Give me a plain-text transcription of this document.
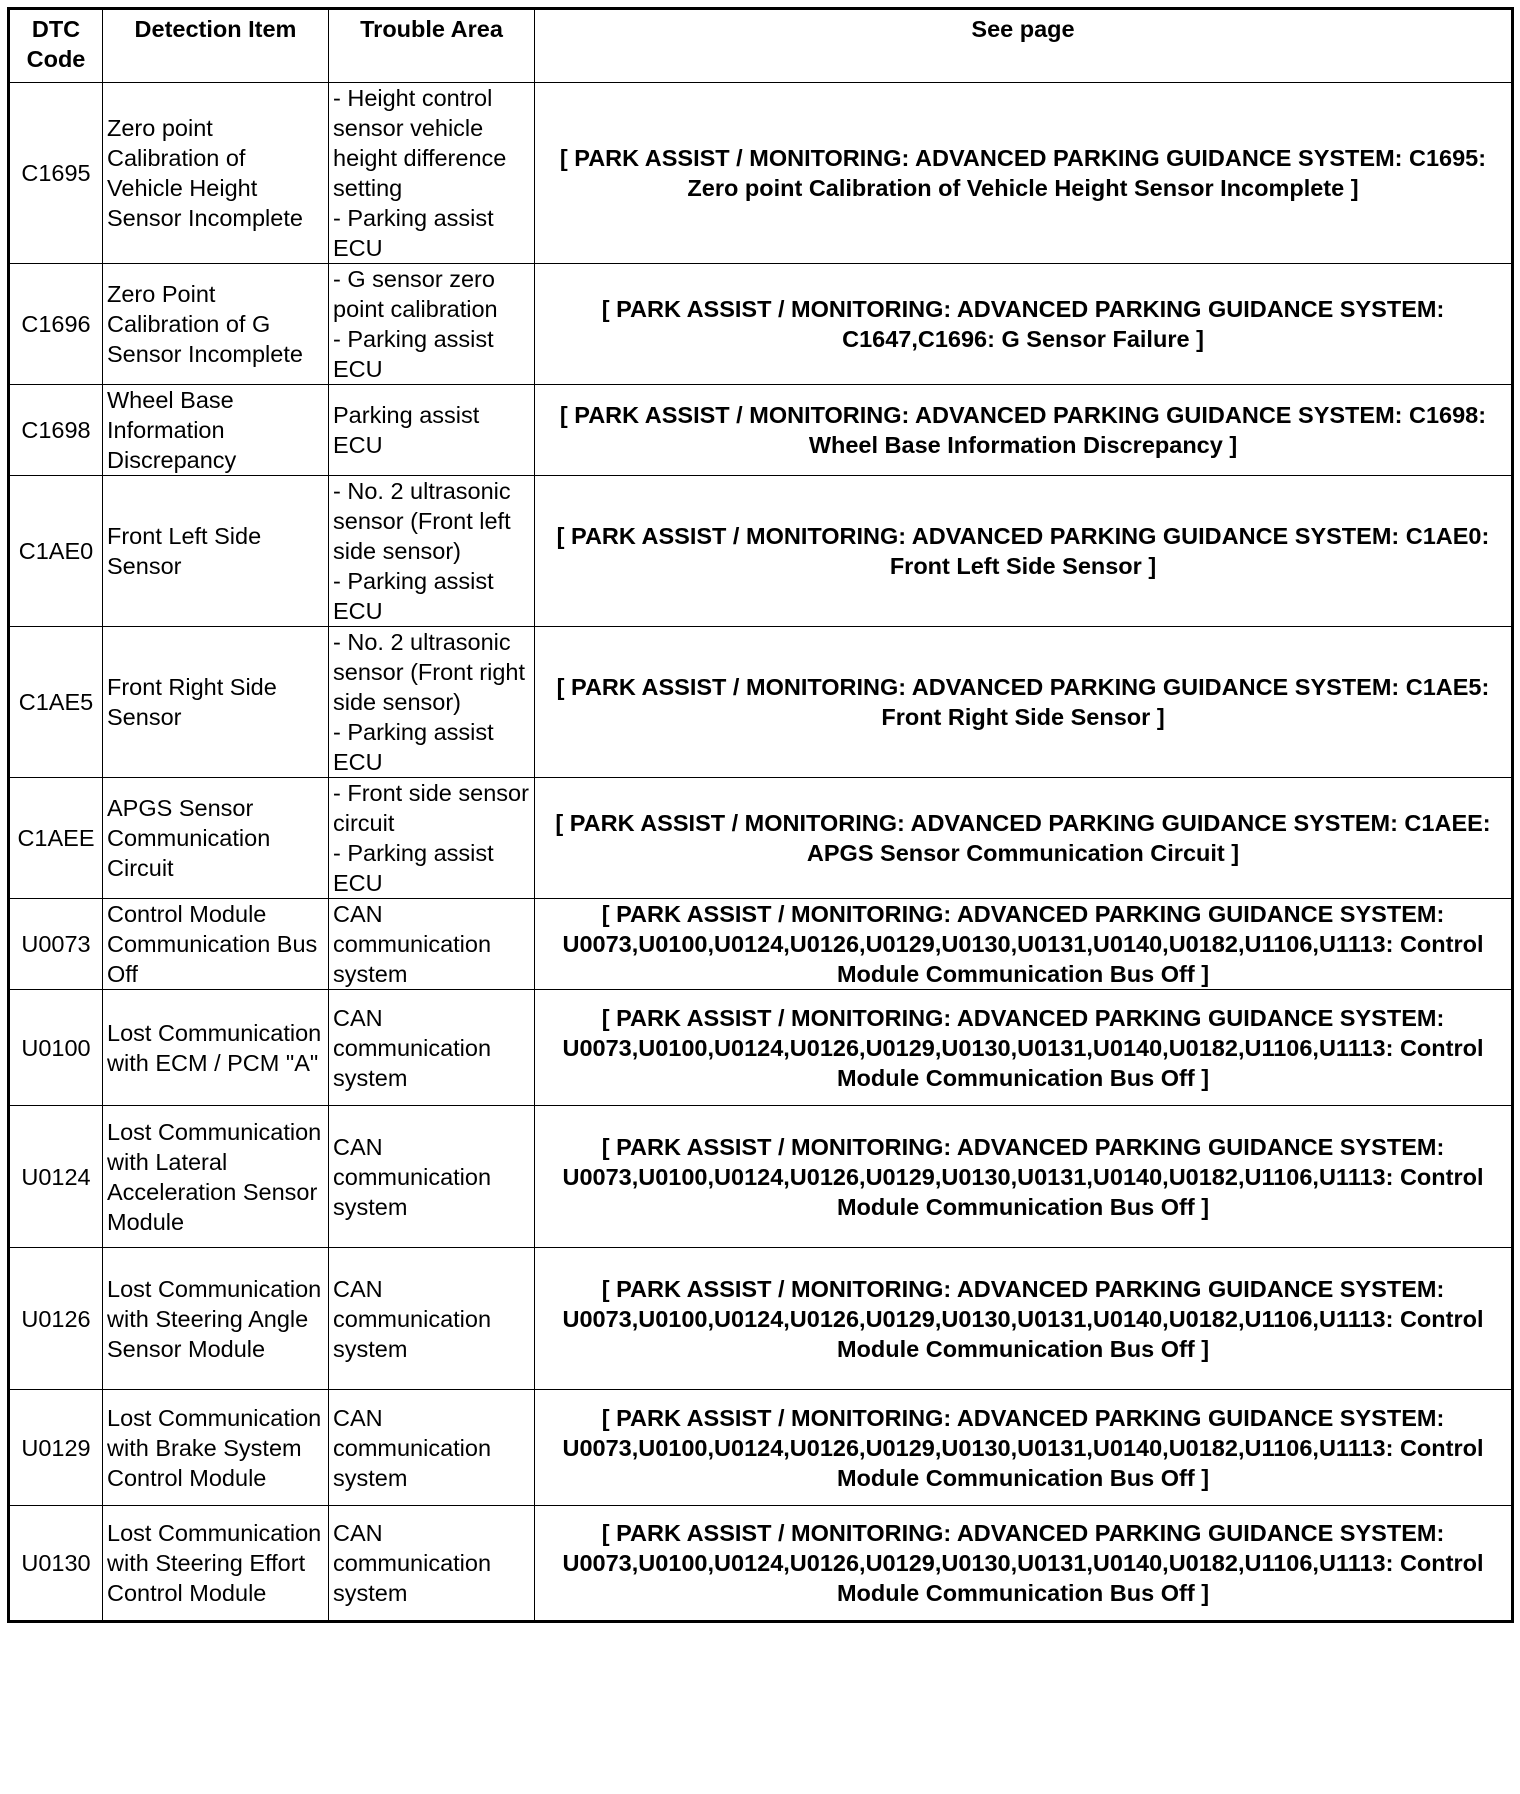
DTC Code	Detection Item	Trouble Area	See page
C1695	Zero point Calibration of Vehicle Height Sensor Incomplete	- Height control sensor vehicle height difference setting
- Parking assist ECU	[ PARK ASSIST / MONITORING: ADVANCED PARKING GUIDANCE SYSTEM: C1695: Zero point Calibration of Vehicle Height Sensor Incomplete ]
C1696	Zero Point Calibration of G Sensor Incomplete	- G sensor zero point calibration
- Parking assist ECU	[ PARK ASSIST / MONITORING: ADVANCED PARKING GUIDANCE SYSTEM: C1647,C1696: G Sensor Failure ]
C1698	Wheel Base Information Discrepancy	Parking assist ECU	[ PARK ASSIST / MONITORING: ADVANCED PARKING GUIDANCE SYSTEM: C1698: Wheel Base Information Discrepancy ]
C1AE0	Front Left Side Sensor	- No. 2 ultrasonic sensor (Front left side sensor)
- Parking assist ECU	[ PARK ASSIST / MONITORING: ADVANCED PARKING GUIDANCE SYSTEM: C1AE0: Front Left Side Sensor ]
C1AE5	Front Right Side Sensor	- No. 2 ultrasonic sensor (Front right side sensor)
- Parking assist ECU	[ PARK ASSIST / MONITORING: ADVANCED PARKING GUIDANCE SYSTEM: C1AE5: Front Right Side Sensor ]
C1AEE	APGS Sensor Communication Circuit	- Front side sensor circuit
- Parking assist ECU	[ PARK ASSIST / MONITORING: ADVANCED PARKING GUIDANCE SYSTEM: C1AEE: APGS Sensor Communication Circuit ]
U0073	Control Module Communication Bus Off	CAN communication system	[ PARK ASSIST / MONITORING: ADVANCED PARKING GUIDANCE SYSTEM: U0073,U0100,U0124,U0126,U0129,U0130,U0131,U0140,U0182,U1106,U1113: Control Module Communication Bus Off ]
U0100	Lost Communication with ECM / PCM "A"	CAN communication system	[ PARK ASSIST / MONITORING: ADVANCED PARKING GUIDANCE SYSTEM: U0073,U0100,U0124,U0126,U0129,U0130,U0131,U0140,U0182,U1106,U1113: Control Module Communication Bus Off ]
U0124	Lost Communication with Lateral Acceleration Sensor Module	CAN communication system	[ PARK ASSIST / MONITORING: ADVANCED PARKING GUIDANCE SYSTEM: U0073,U0100,U0124,U0126,U0129,U0130,U0131,U0140,U0182,U1106,U1113: Control Module Communication Bus Off ]
U0126	Lost Communication with Steering Angle Sensor Module	CAN communication system	[ PARK ASSIST / MONITORING: ADVANCED PARKING GUIDANCE SYSTEM: U0073,U0100,U0124,U0126,U0129,U0130,U0131,U0140,U0182,U1106,U1113: Control Module Communication Bus Off ]
U0129	Lost Communication with Brake System Control Module	CAN communication system	[ PARK ASSIST / MONITORING: ADVANCED PARKING GUIDANCE SYSTEM: U0073,U0100,U0124,U0126,U0129,U0130,U0131,U0140,U0182,U1106,U1113: Control Module Communication Bus Off ]
U0130	Lost Communication with Steering Effort Control Module	CAN communication system	[ PARK ASSIST / MONITORING: ADVANCED PARKING GUIDANCE SYSTEM: U0073,U0100,U0124,U0126,U0129,U0130,U0131,U0140,U0182,U1106,U1113: Control Module Communication Bus Off ]
